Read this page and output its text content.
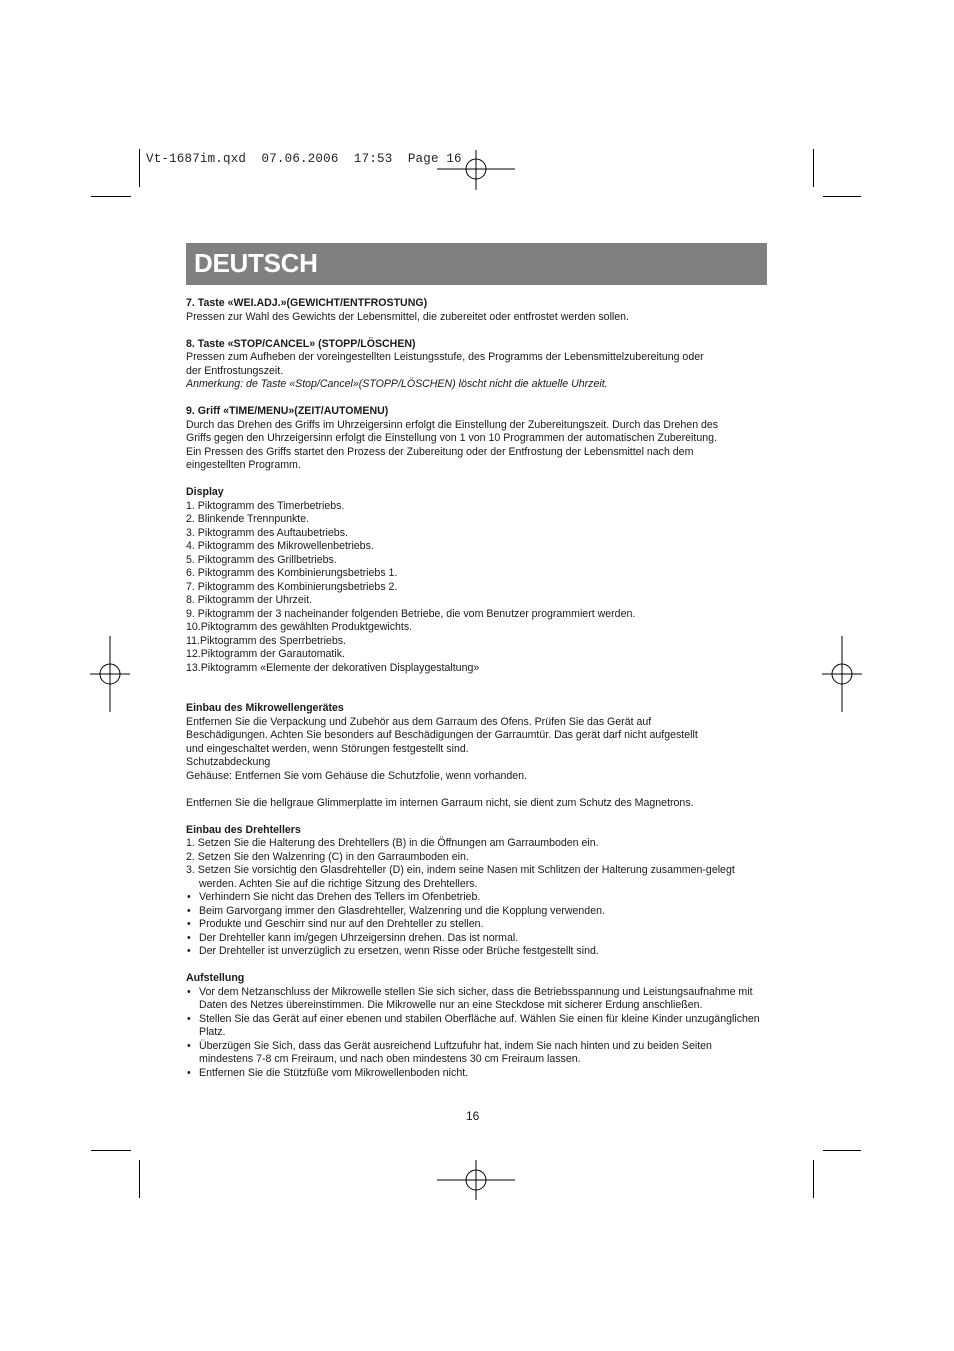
Vt-1687im.qxd  07.06.2006  17:53  Page 16
DEUTSCH

7. Taste «WEI.ADJ.»(GEWICHT/ENTFROSTUNG)

Pressen zur Wahl des Gewichts der Lebensmittel, die zubereitet oder entfrostet werden sollen.

8. Taste «STOP/CANCEL» (STOPP/LÖSCHEN)

Pressen zum Aufheben der voreingestellten Leistungsstufe, des Programms der Lebensmittelzubereitung oder

der Entfrostungszeit.

Anmerkung: de Taste «Stop/Cancel»(STOPP/LÖSCHEN) löscht nicht die aktuelle Uhrzeit.

9. Griff «TIME/MENU»(ZEIT/AUTOMENU)

Durch das Drehen des Griffs im Uhrzeigersinn erfolgt die Einstellung der Zubereitungszeit. Durch das Drehen des

Griffs gegen den Uhrzeigersinn erfolgt die Einstellung von 1 von 10 Programmen der automatischen Zubereitung.

Ein Pressen des Griffs startet den Prozess der Zubereitung oder der Entfrostung der Lebensmittel nach dem

eingestellten Programm.

Display

1. Piktogramm des Timerbetriebs.

2. Blinkende Trennpunkte.

3. Piktogramm des Auftaubetriebs.

4. Piktogramm des Mikrowellenbetriebs.

5. Piktogramm des Grillbetriebs.

6. Piktogramm des Kombinierungsbetriebs 1.

7. Piktogramm des Kombinierungsbetriebs 2.

8. Piktogramm der Uhrzeit.

9. Piktogramm der 3 nacheinander folgenden Betriebe, die vom Benutzer programmiert werden.

10.Piktogramm des gewählten Produktgewichts.

11.Piktogramm des Sperrbetriebs.

12.Piktogramm der Garautomatik.

13.Piktogramm «Elemente der dekorativen Displaygestaltung»

Einbau des Mikrowellengerätes

Entfernen Sie die Verpackung und Zubehör aus dem Garraum des Ofens. Prüfen Sie das Gerät auf

Beschädigungen. Achten Sie besonders auf Beschädigungen der Garraumtür. Das gerät darf nicht aufgestellt

und eingeschaltet werden, wenn Störungen festgestellt sind.

Schutzabdeckung

Gehäuse: Entfernen Sie vom Gehäuse die Schutzfolie, wenn vorhanden.

Entfernen Sie die hellgraue Glimmerplatte im internen Garraum nicht, sie dient zum Schutz des Magnetrons.

Einbau des Drehtellers

1. Setzen Sie die Halterung des Drehtellers (B) in die Öffnungen am Garraumboden ein.

2. Setzen Sie den Walzenring (C) in den Garraumboden ein.

3. Setzen Sie vorsichtig den Glasdrehteller (D) ein, indem seine Nasen mit Schlitzen der Halterung zusammen-gelegt werden. Achten Sie auf die richtige Sitzung des Drehtellers.

• Verhindern Sie nicht das Drehen des Tellers im Ofenbetrieb.

• Beim Garvorgang immer den Glasdrehteller, Walzenring und die Kopplung verwenden.

• Produkte und Geschirr sind nur auf den Drehteller zu stellen.

• Der Drehteller kann im/gegen Uhrzeigersinn drehen. Das ist normal.

• Der Drehteller ist unverzüglich zu ersetzen, wenn Risse oder Brüche festgestellt sind.

Aufstellung

• Vor dem Netzanschluss der Mikrowelle stellen Sie sich sicher, dass die Betriebsspannung und Leistungsaufnahme mit Daten des Netzes übereinstimmen. Die Mikrowelle nur an eine Steckdose mit sicherer Erdung anschließen.

• Stellen Sie das Gerät auf einer ebenen und stabilen Oberfläche auf. Wählen Sie einen für kleine Kinder unzugänglichen Platz.

• Überzügen Sie Sich, dass das Gerät ausreichend Luftzufuhr hat, indem Sie nach hinten und zu beiden Seiten mindestens 7-8 cm Freiraum, und nach oben mindestens 30 cm Freiraum lassen.

• Entfernen Sie die Stützfüße vom Mikrowellenboden nicht.

16
